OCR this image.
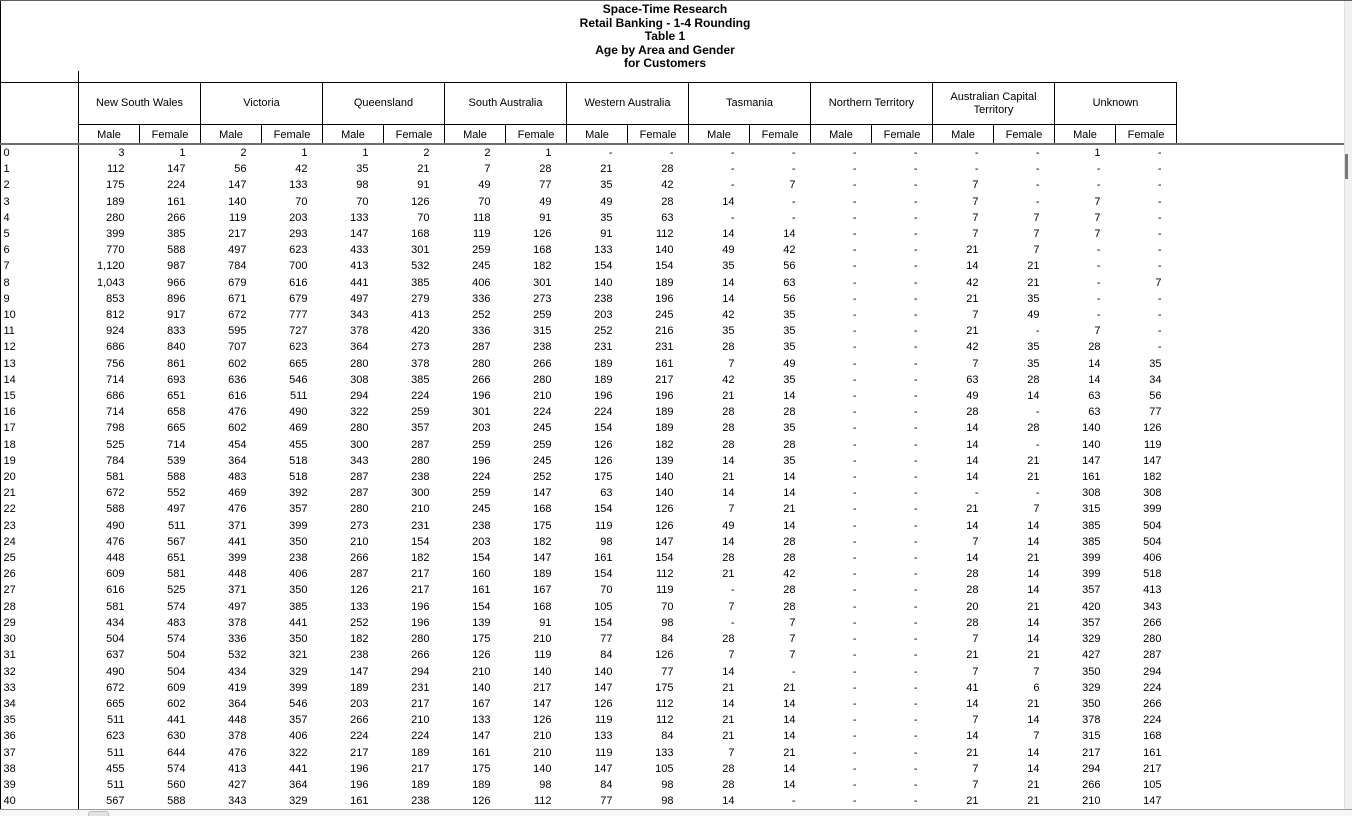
Space-Time Research
Retail Banking - 1-4 Rounding
Table 1
Age by Area and Gender
for Customers
	New South Wales		Victoria		Queensland		South Australia		Western Australia		Tasmania		Northern Territory		Australian Capital Territory		Unknown	
	Male	Female	Male	Female	Male	Female	Male	Female	Male	Female	Male	Female	Male	Female	Male	Female	Male	Female
0	3	1	2	1	1	2	2	1	-	-	-	-	-	-	-	-	1	-
1	112	147	56	42	35	21	7	28	21	28	-	-	-	-	-	-	-	-
2	175	224	147	133	98	91	49	77	35	42	-	7	-	-	7	-	-	-
3	189	161	140	70	70	126	70	49	49	28	14	-	-	-	7	-	7	-
4	280	266	119	203	133	70	118	91	35	63	-	-	-	-	7	7	7	-
5	399	385	217	293	147	168	119	126	91	112	14	14	-	-	7	7	7	-
6	770	588	497	623	433	301	259	168	133	140	49	42	-	-	21	7	-	-
7	1,120	987	784	700	413	532	245	182	154	154	35	56	-	-	14	21	-	-
8	1,043	966	679	616	441	385	406	301	140	189	14	63	-	-	42	21	-	7
9	853	896	671	679	497	279	336	273	238	196	14	56	-	-	21	35	-	-
10	812	917	672	777	343	413	252	259	203	245	42	35	-	-	7	49	-	-
11	924	833	595	727	378	420	336	315	252	216	35	35	-	-	21	-	7	-
12	686	840	707	623	364	273	287	238	231	231	28	35	-	-	42	35	28	-
13	756	861	602	665	280	378	280	266	189	161	7	49	-	-	7	35	14	35
14	714	693	636	546	308	385	266	280	189	217	42	35	-	-	63	28	14	34
15	686	651	616	511	294	224	196	210	196	196	21	14	-	-	49	14	63	56
16	714	658	476	490	322	259	301	224	224	189	28	28	-	-	28	-	63	77
17	798	665	602	469	280	357	203	245	154	189	28	35	-	-	14	28	140	126
18	525	714	454	455	300	287	259	259	126	182	28	28	-	-	14	-	140	119
19	784	539	364	518	343	280	196	245	126	139	14	35	-	-	14	21	147	147
20	581	588	483	518	287	238	224	252	175	140	21	14	-	-	14	21	161	182
21	672	552	469	392	287	300	259	147	63	140	14	14	-	-	-	-	308	308
22	588	497	476	357	280	210	245	168	154	126	7	21	-	-	21	7	315	399
23	490	511	371	399	273	231	238	175	119	126	49	14	-	-	14	14	385	504
24	476	567	441	350	210	154	203	182	98	147	14	28	-	-	7	14	385	504
25	448	651	399	238	266	182	154	147	161	154	28	28	-	-	14	21	399	406
26	609	581	448	406	287	217	160	189	154	112	21	42	-	-	28	14	399	518
27	616	525	371	350	126	217	161	167	70	119	-	28	-	-	28	14	357	413
28	581	574	497	385	133	196	154	168	105	70	7	28	-	-	20	21	420	343
29	434	483	378	441	252	196	139	91	154	98	-	7	-	-	28	14	357	266
30	504	574	336	350	182	280	175	210	77	84	28	7	-	-	7	14	329	280
31	637	504	532	321	238	266	126	119	84	126	7	7	-	-	21	21	427	287
32	490	504	434	329	147	294	210	140	140	77	14	-	-	-	7	7	350	294
33	672	609	419	399	189	231	140	217	147	175	21	21	-	-	41	6	329	224
34	665	602	364	546	203	217	167	147	126	112	14	14	-	-	14	21	350	266
35	511	441	448	357	266	210	133	126	119	112	21	14	-	-	7	14	378	224
36	623	630	378	406	224	224	147	210	133	84	21	14	-	-	14	7	315	168
37	511	644	476	322	217	189	161	210	119	133	7	21	-	-	21	14	217	161
38	455	574	413	441	196	217	175	140	147	105	28	14	-	-	7	14	294	217
39	511	560	427	364	196	189	189	98	84	98	28	14	-	-	7	21	266	105
40	567	588	343	329	161	238	126	112	77	98	14	-	-	-	21	21	210	147
